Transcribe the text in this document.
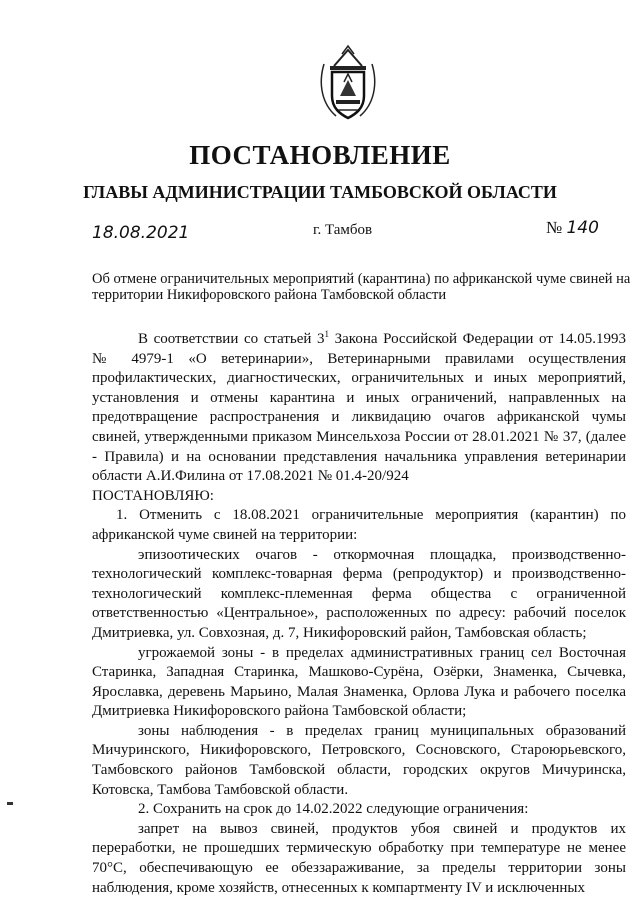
ПОСТАНОВЛЕНИЕ
ГЛАВЫ АДМИНИСТРАЦИИ ТАМБОВСКОЙ ОБЛАСТИ
18.08.2021	г. Тамбов	№ 140
Об отмене ограничительных мероприятий (карантина) по африканской чуме свиней на территории Никифоровского района Тамбовской области

В соответствии со статьей $3^1$ Закона Российской Федерации от 14.05.1993 № 4979-1 «О ветеринарии», Ветеринарными правилами осуществления профилактических, диагностических, ограничительных и иных мероприятий, установления и отмены карантина и иных ограничений, направленных на предотвращение распространения и ликвидацию очагов африканской чумы свиней, утвержденными приказом Минсельхоза России от 28.01.2021 № 37, (далее - Правила) и на основании представления начальника управления ветеринарии области А.И.Филина от 17.08.2021 № 01.4-20/924

ПОСТАНОВЛЯЮ:

1. Отменить с 18.08.2021 ограничительные мероприятия (карантин) по африканской чуме свиней на территории:

эпизоотических очагов - откормочная площадка, производственно-технологический комплекс-товарная ферма (репродуктор) и производственно-технологический комплекс-племенная ферма общества с ограниченной ответственностью «Центральное», расположенных по адресу: рабочий поселок Дмитриевка, ул. Совхозная, д. 7, Никифоровский район, Тамбовская область;

угрожаемой зоны - в пределах административных границ сел Восточная Старинка, Западная Старинка, Машково-Сурёна, Озёрки, Знаменка, Сычевка, Ярославка, деревень Марьино, Малая Знаменка, Орлова Лука и рабочего поселка Дмитриевка Никифоровского района Тамбовской области;

зоны наблюдения - в пределах границ муниципальных образований Мичуринского, Никифоровского, Петровского, Сосновского, Староюрьевского, Тамбовского районов Тамбовской области, городских округов Мичуринска, Котовска, Тамбова Тамбовской области.

2. Сохранить на срок до 14.02.2022 следующие ограничения:

запрет на вывоз свиней, продуктов убоя свиней и продуктов их переработки, не прошедших термическую обработку при температуре не менее 70°С, обеспечивающую ее обеззараживание, за пределы территории зоны наблюдения, кроме хозяйств, отнесенных к компартменту IV и исключенных
